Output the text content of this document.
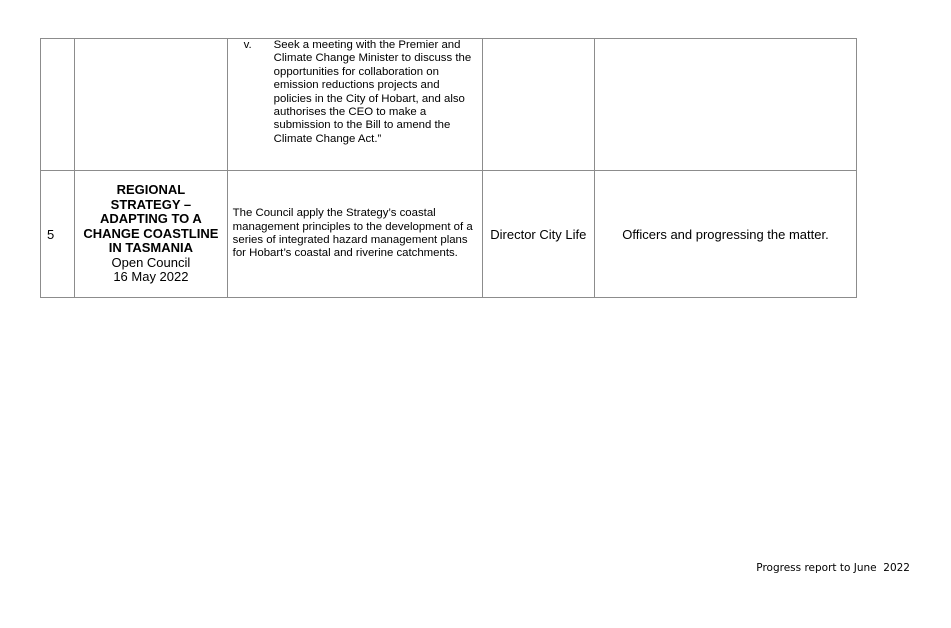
		v. Seek a meeting with the Premier and Climate Change Minister to discuss the opportunities for collaboration on emission reductions projects and policies in the City of Hobart, and also authorises the CEO to make a submission to the Bill to amend the Climate Change Act.”		

5	REGIONAL STRATEGY – ADAPTING TO A CHANGE COASTLINE IN TASMANIA
Open Council
16 May 2022	The Council apply the Strategy’s coastal management principles to the development of a series of integrated hazard management plans for Hobart’s coastal and riverine catchments.	Director City Life	Officers and progressing the matter.
Progress report to June  2022
